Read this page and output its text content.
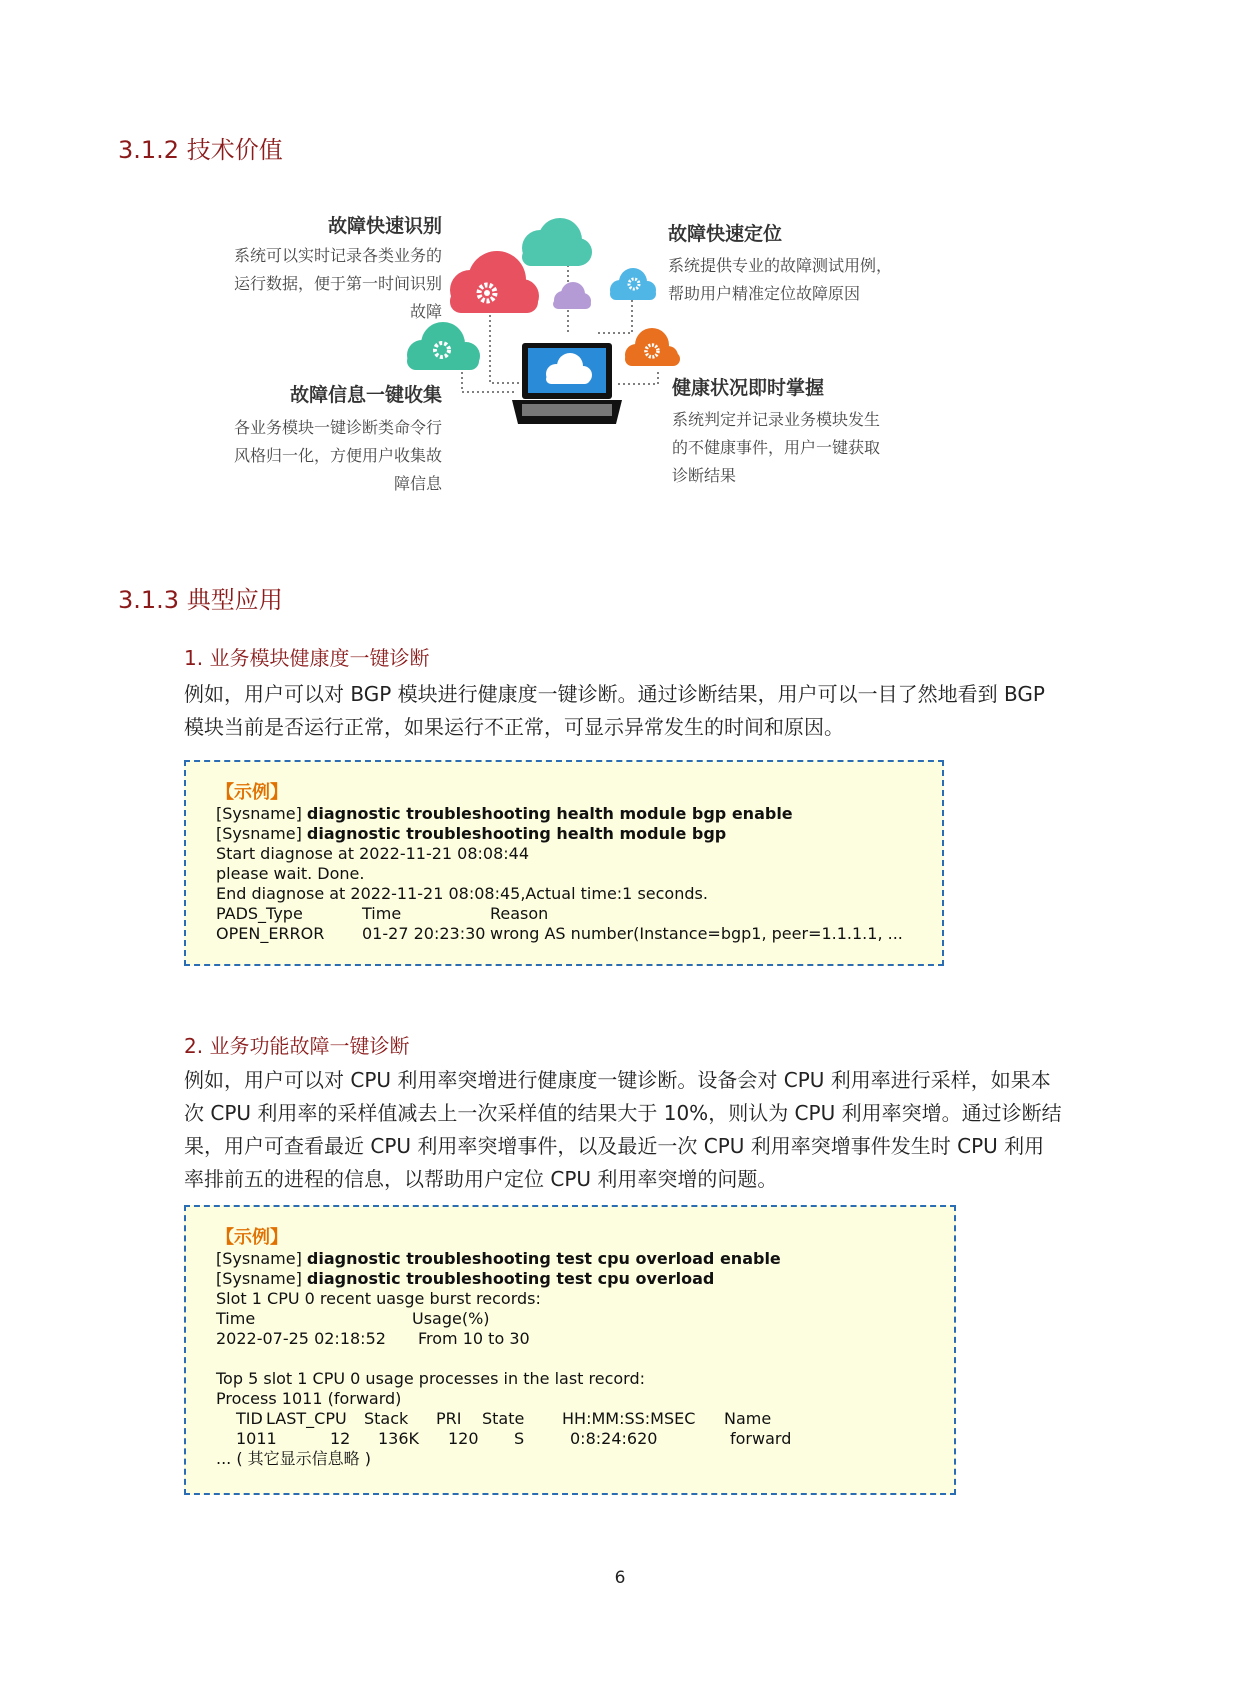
3.1.2 技术价值
故障快速识别
系统可以实时记录各类业务的
运行数据，便于第一时间识别
故障
故障快速定位
系统提供专业的故障测试用例，
帮助用户精准定位故障原因
故障信息一键收集
各业务模块一键诊断类命令行
风格归一化，方便用户收集故
障信息
健康状况即时掌握
系统判定并记录业务模块发生
的不健康事件，用户一键获取
诊断结果
3.1.3 典型应用
1. 业务模块健康度一键诊断
例如，用户可以对 BGP 模块进行健康度一键诊断。通过诊断结果，用户可以一目了然地看到 BGP
模块当前是否运行正常，如果运行不正常，可显示异常发生的时间和原因。
【示例】
[Sysname] diagnostic troubleshooting health module bgp enable
[Sysname] diagnostic troubleshooting health module bgp
Start diagnose at 2022-11-21 08:08:44
please wait. Done.
End diagnose at 2022-11-21 08:08:45,Actual time:1 seconds.
PADS_Type	Time	Reason
OPEN_ERROR	01-27 20:23:30 wrong AS number(Instance=bgp1, peer=1.1.1.1, ...
2. 业务功能故障一键诊断
例如，用户可以对 CPU 利用率突增进行健康度一键诊断。设备会对 CPU 利用率进行采样，如果本
次 CPU 利用率的采样值减去上一次采样值的结果大于 10%，则认为 CPU 利用率突增。通过诊断结
果，用户可查看最近 CPU 利用率突增事件，以及最近一次 CPU 利用率突增事件发生时 CPU 利用
率排前五的进程的信息，以帮助用户定位 CPU 利用率突增的问题。
【示例】
[Sysname] diagnostic troubleshooting test cpu overload enable
[Sysname] diagnostic troubleshooting test cpu overload
Slot 1 CPU 0 recent uasge burst records:
Time	Usage(%)
2022-07-25 02:18:52	From 10 to 30
Top 5 slot 1 CPU 0 usage processes in the last record:
Process 1011 (forward)
TID LAST_CPU	Stack	PRI	State	HH:MM:SS:MSEC	Name
1011	12	136K	120	S	0:8:24:620	forward
... ( 其它显示信息略 )
6
